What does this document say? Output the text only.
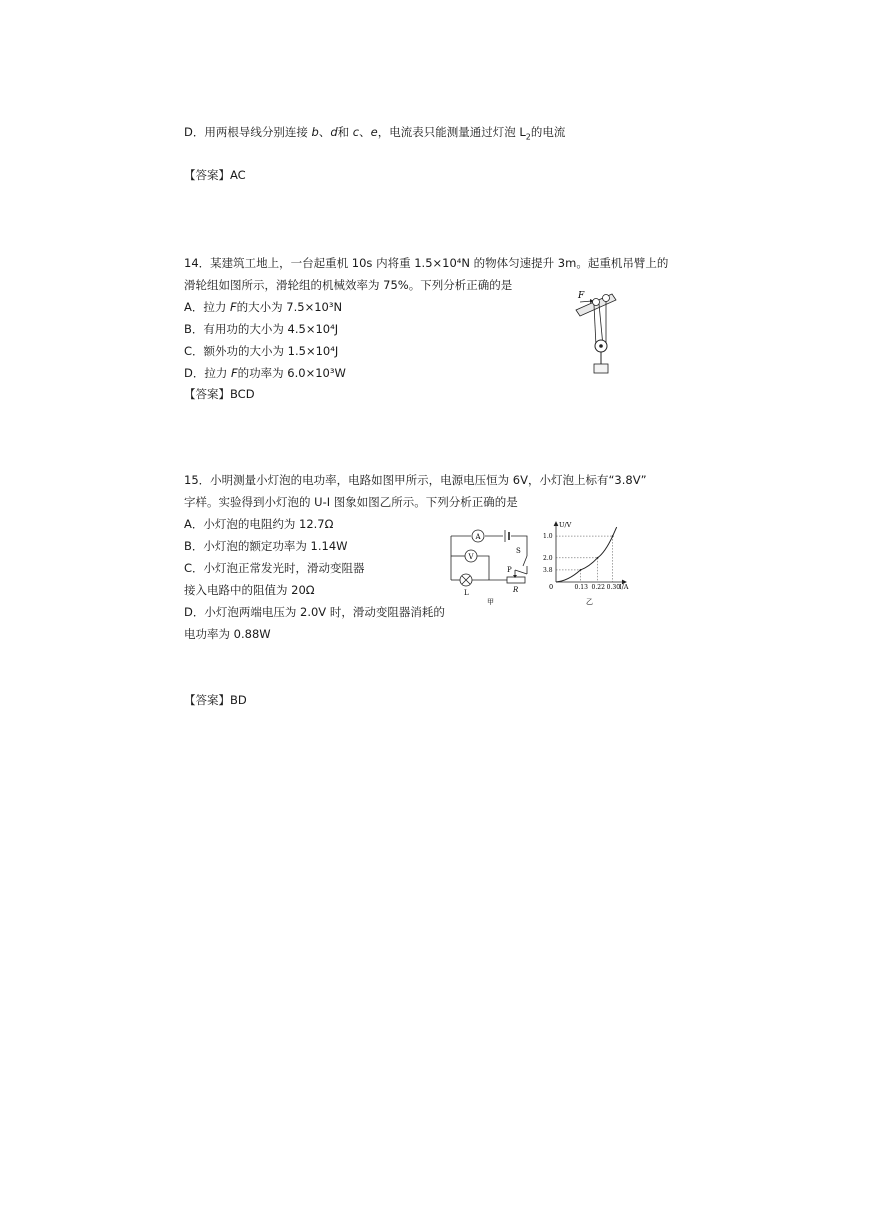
D．用两根导线分别连接 b、d和 c、e，电流表只能测量通过灯泡 $L_2$的电流
【答案】AC
14．某建筑工地上，一台起重机 10s 内将重 1.5×10⁴N 的物体匀速提升 3m。起重机吊臂上的
滑轮组如图所示，滑轮组的机械效率为 75%。下列分析正确的是
A．拉力 F的大小为 7.5×10³N
B．有用功的大小为 4.5×10⁴J
C．额外功的大小为 1.5×10⁴J
D．拉力 F的功率为 6.0×10³W
【答案】BCD
F
15．小明测量小灯泡的电功率，电路如图甲所示，电源电压恒为 6V，小灯泡上标有“3.8V”
字样。实验得到小灯泡的 U-I 图象如图乙所示。下列分析正确的是
A．小灯泡的电阻约为 12.7Ω
B．小灯泡的额定功率为 1.14W
C．小灯泡正常发光时，滑动变阻器
接入电路中的阻值为 20Ω
D．小灯泡两端电压为 2.0V 时，滑动变阻器消耗的
电功率为 0.88W
【答案】BD
A
S
V
L
P
R
甲
U/V
I/A
0
3.8
2.0
1.0
0.13 0.22 0.30
乙
